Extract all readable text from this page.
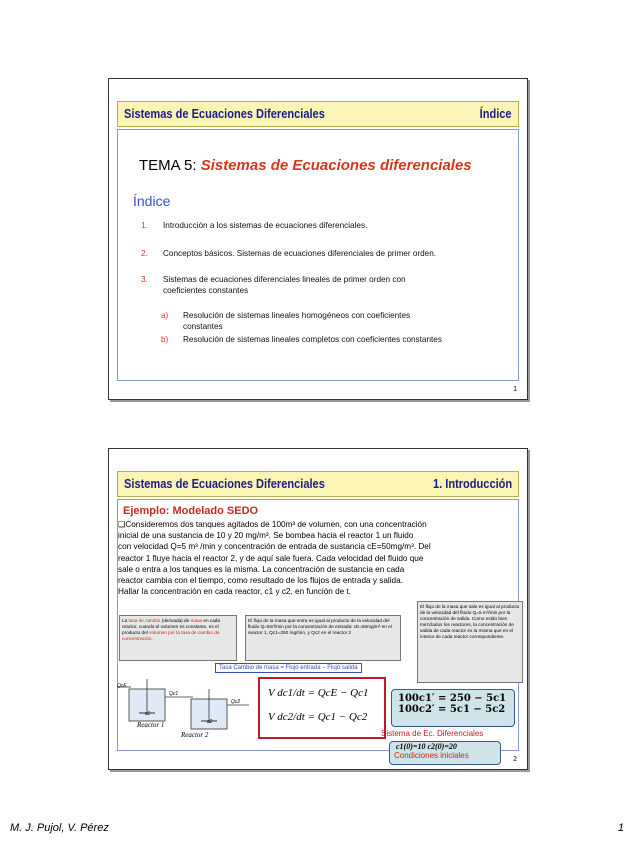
Sistemas de Ecuaciones Diferenciales	Índice
TEMA 5: Sistemas de Ecuaciones diferenciales
Índice
1. Introducción a los sistemas de ecuaciones diferenciales.
2. Conceptos básicos. Sistemas de ecuaciones diferenciales de primer orden.
3. Sistemas de ecuaciones diferenciales lineales de primer orden con
coeficientes constantes
a) Resolución de sistemas lineales homogéneos con coeficientes
constantes
b) Resolución de sistemas lineales completos con coeficientes constantes
1
Sistemas de Ecuaciones Diferenciales	1. Introducción
Ejemplo: Modelado SEDO
❑Consideremos dos tanques agitados de 100m³ de volumen, con una concentración
inicial de una sustancia de 10 y 20 mg/m³. Se bombea hacia el reactor 1 un fluido
con velocidad Q=5 m³ /min y concentración de entrada de sustancia cE=50mg/m³. Del
reactor 1 fluye hacia el reactor 2, y de aquí sale fuera. Cada velocidad del fluido que
sale o entra a los tanques es la misma. La concentración de sustancia en cada
reactor cambia con el tiempo, como resultado de los flujos de entrada y salida.
Hallar la concentración en cada reactor, c1 y c2, en función de t.
La tasa de cambio (derivada) de masa en cada reactor, cuando el volumen es constante, es el producto del volumen por la tasa de cambio de concentración.
El flujo de la masa que entra es igual al producto de la velocidad del fluido Q=5m³/min por la concentración de entrada: cE=50mg/m³ en el reactor 1, Qc1=250 mg/min, y Qc2 en el reactor 2
El flujo de la masa que sale es igual al producto de la velocidad del fluido Q=5 m³/min por la concentración de salida. Como están bien mezclados los reactores, la concentración de salida de cada reactor es la misma que en el interior de cada reactor correspondiente.
Tasa Cambio de masa = Flujo entrada – Flujo salida
QcE
Qc1
Qc2
c1
c2
Reactor 1
Reactor 2
V dc1/dt = QcE − Qc1
V dc2/dt = Qc1 − Qc2
100c1′ = 250 − 5c1
100c2′ = 5c1 − 5c2
Sistema de Ec. Diferenciales
c1(0)=10 c2(0)=20
Condiciones iniciales	2
M. J. Pujol, V. Pérez	1
